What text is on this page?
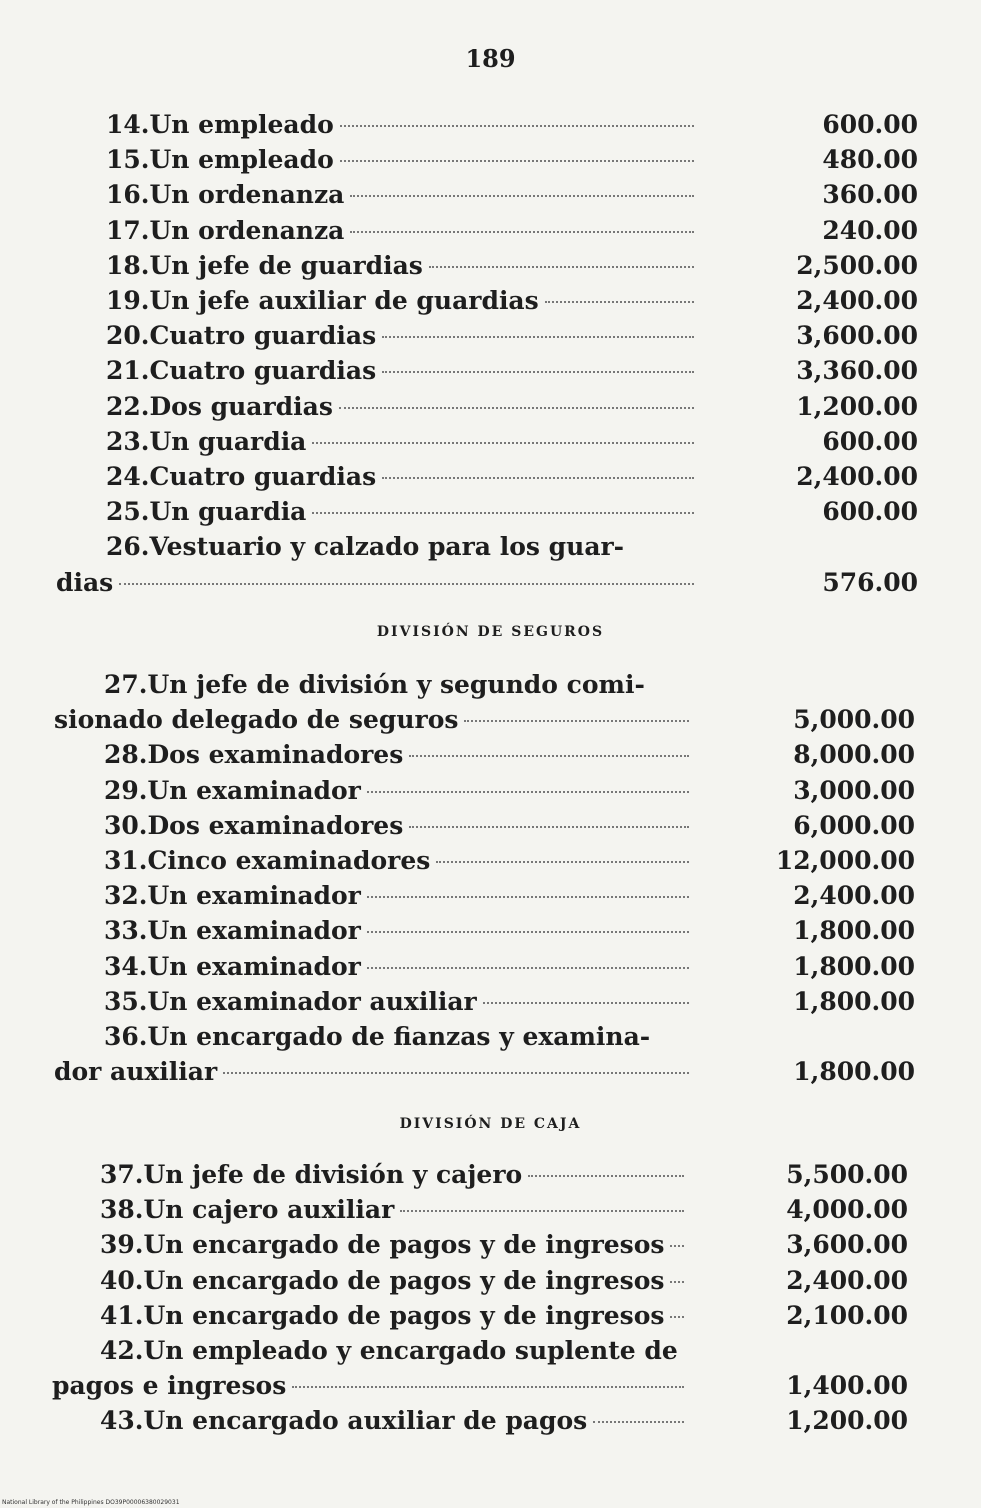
189
600.00
14. Un empleado
480.00
15. Un empleado
360.00
16. Un ordenanza
240.00
17. Un ordenanza
2,500.00
18. Un jefe de guardias
2,400.00
19. Un jefe auxiliar de guardias
3,600.00
20. Cuatro guardias
3,360.00
21. Cuatro guardias
1,200.00
22. Dos guardias
600.00
23. Un guardia
2,400.00
24. Cuatro guardias
600.00
25. Un guardia
26. Vestuario y calzado para los guar-
576.00
dias
DIVISIÓN DE SEGUROS
27. Un jefe de división y segundo comi-
5,000.00
sionado delegado de seguros
8,000.00
28. Dos examinadores
3,000.00
29. Un examinador
6,000.00
30. Dos examinadores
12,000.00
31. Cinco examinadores
2,400.00
32. Un examinador
1,800.00
33. Un examinador
1,800.00
34. Un examinador
1,800.00
35. Un examinador auxiliar
36. Un encargado de fianzas y examina-
1,800.00
dor auxiliar
DIVISIÓN DE CAJA
5,500.00
37. Un jefe de división y cajero
4,000.00
38. Un cajero auxiliar
3,600.00
39. Un encargado de pagos y de ingresos
2,400.00
40. Un encargado de pagos y de ingresos
2,100.00
41. Un encargado de pagos y de ingresos
42. Un empleado y encargado suplente de
1,400.00
pagos e ingresos
1,200.00
43. Un encargado auxiliar de pagos
National Library of the Philippines DO39P00006380029031
